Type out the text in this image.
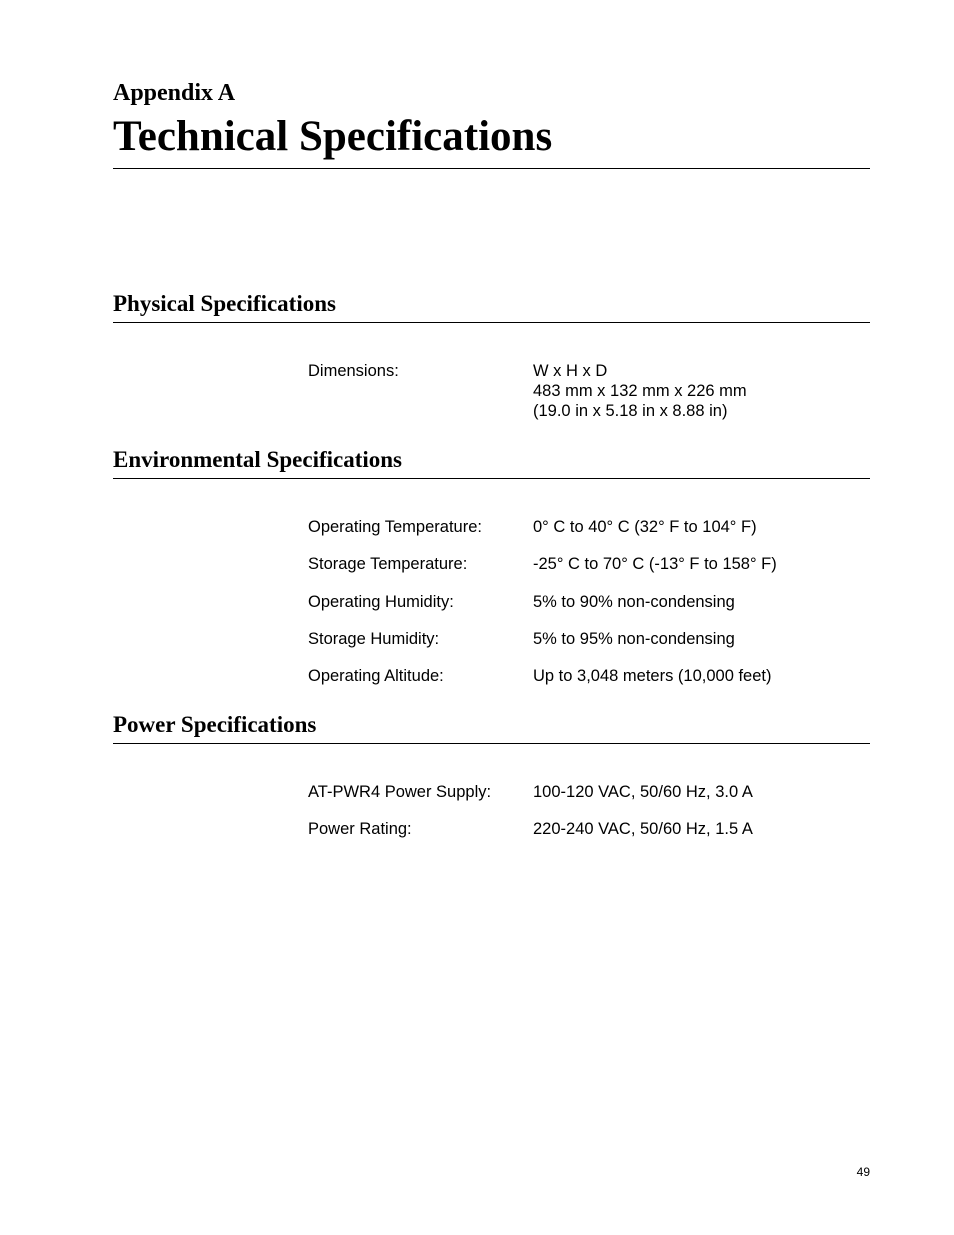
Appendix A
Technical Specifications
Physical Specifications
Dimensions:	W x H x D
483 mm x 132 mm x 226 mm
(19.0 in x 5.18 in x 8.88 in)
Environmental Specifications
Operating Temperature:	0° C to 40° C (32° F to 104° F)
Storage Temperature:	-25° C to 70° C (-13° F to 158° F)
Operating Humidity:	5% to 90% non-condensing
Storage Humidity:	5% to 95% non-condensing
Operating Altitude:	Up to 3,048 meters (10,000 feet)
Power Specifications
AT-PWR4 Power Supply:	100-120 VAC, 50/60 Hz, 3.0 A
Power Rating:	220-240 VAC, 50/60 Hz, 1.5 A
49
